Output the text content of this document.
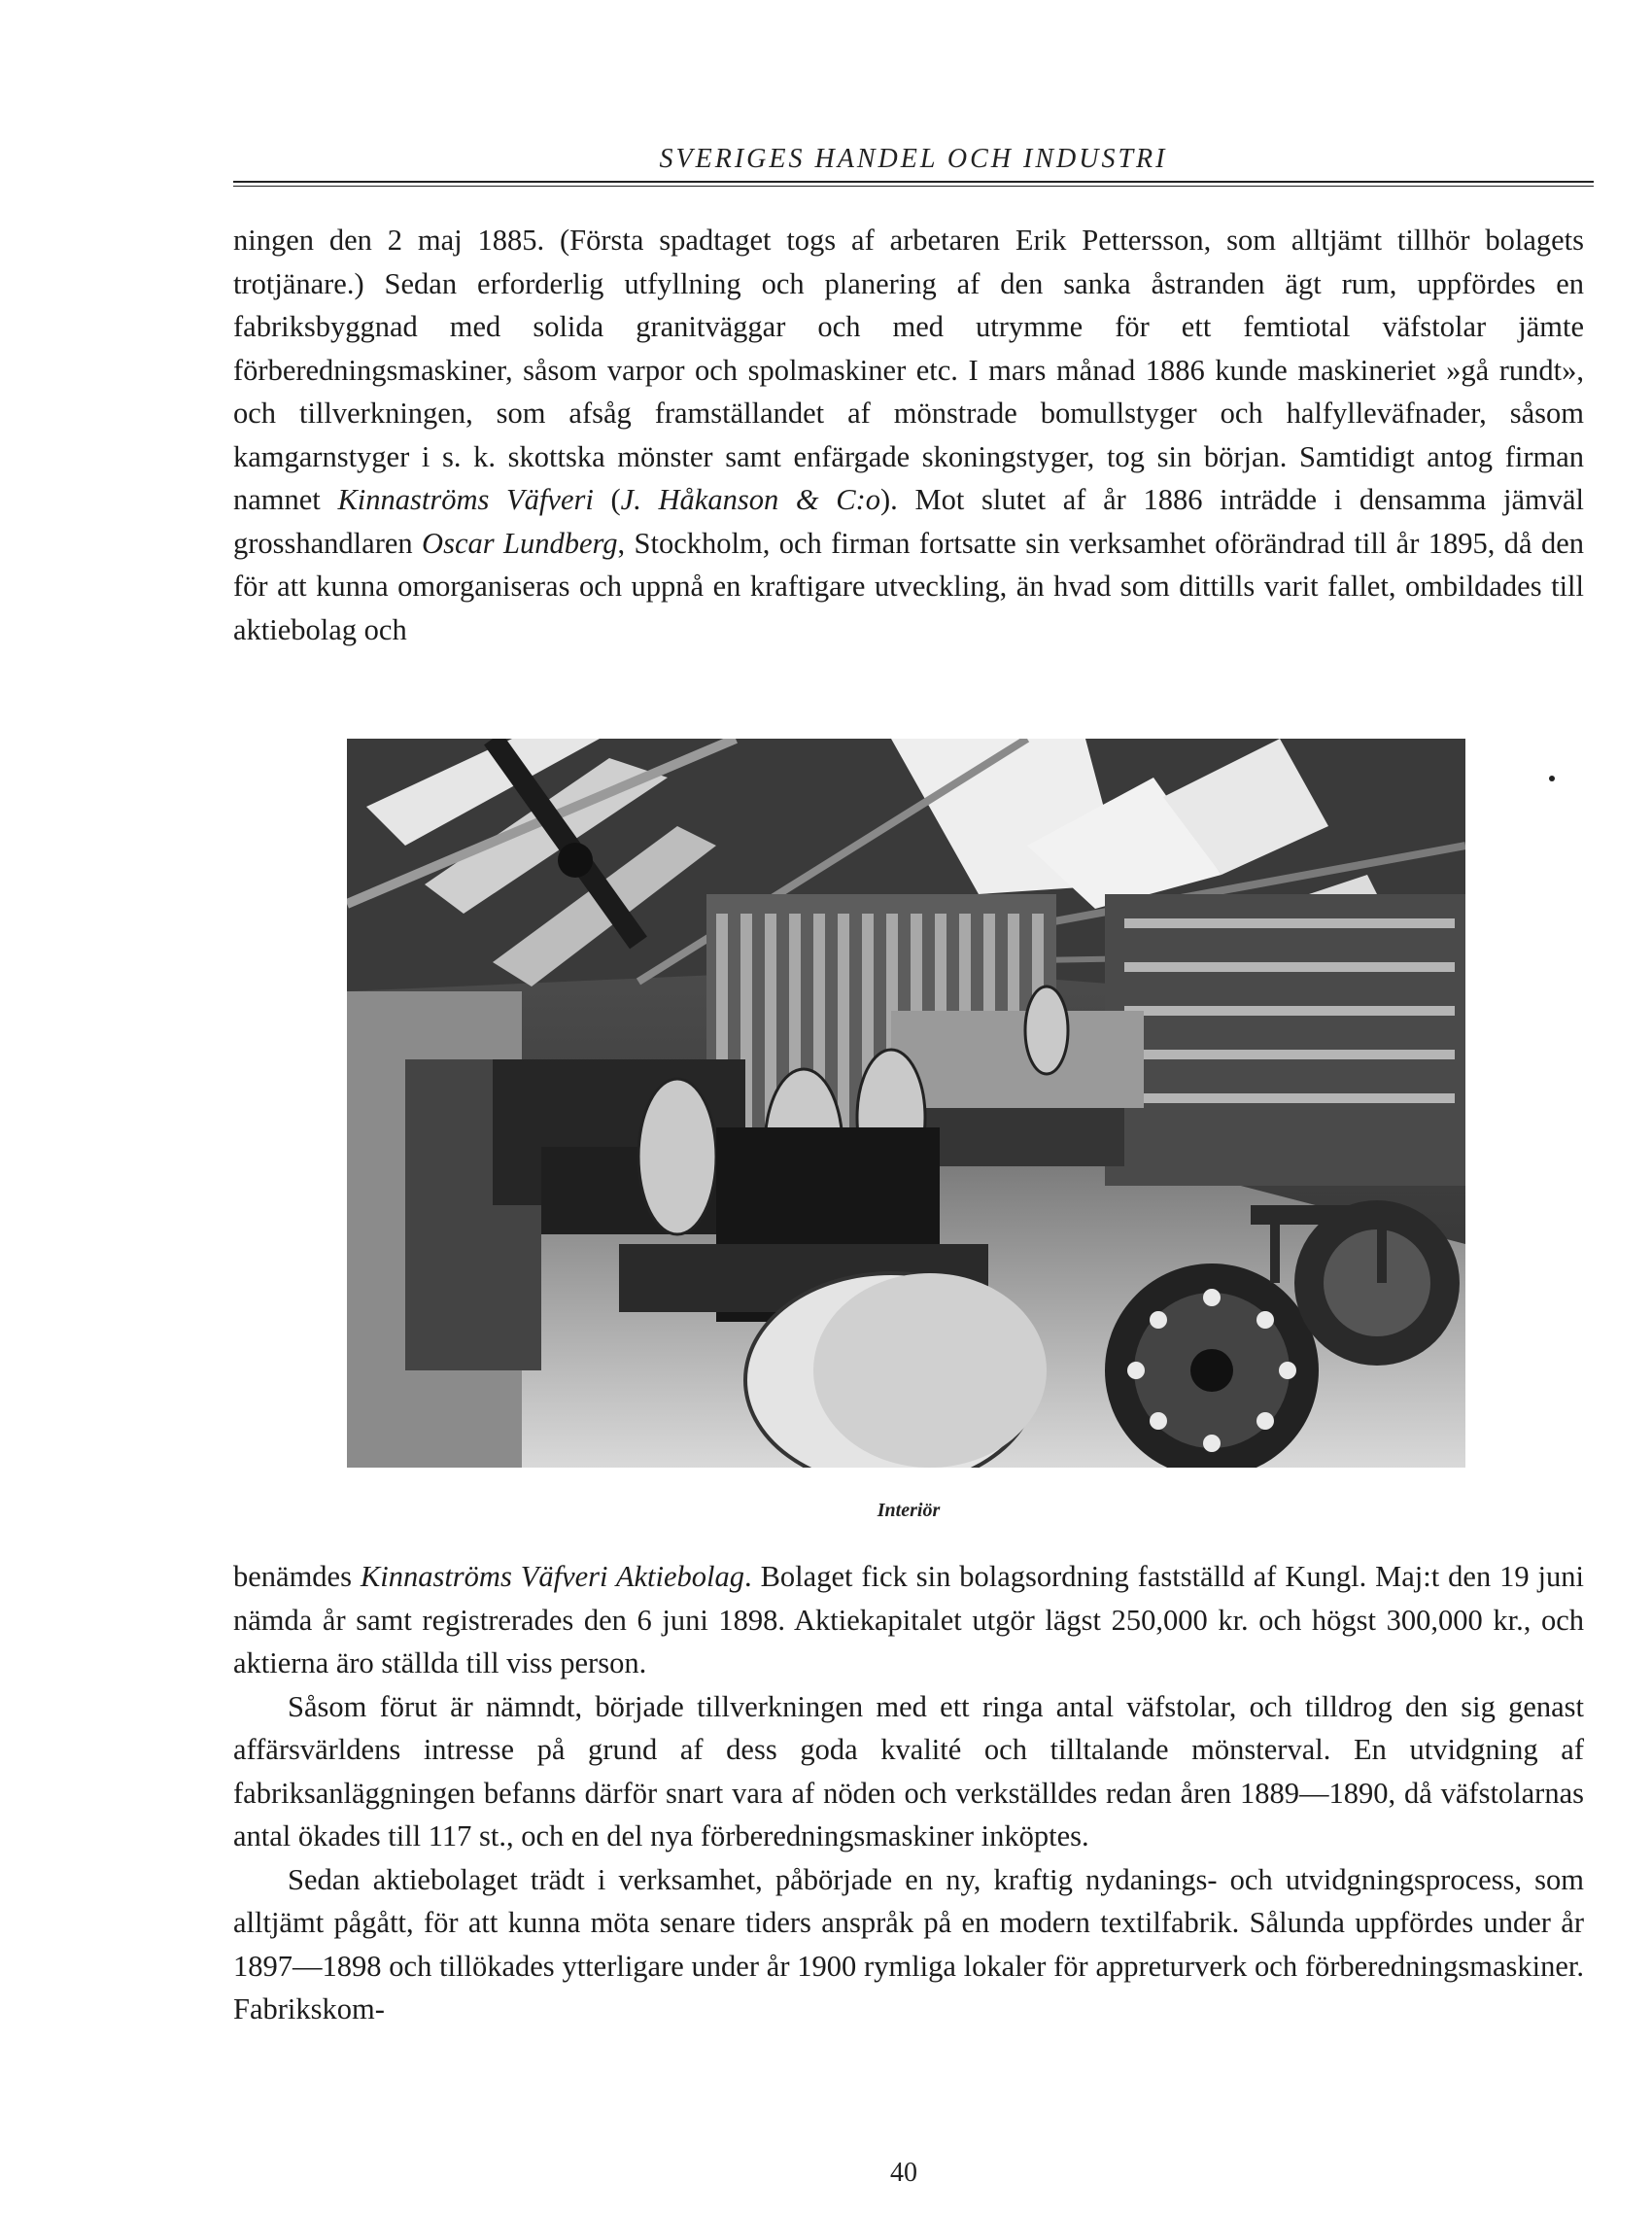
SVERIGES HANDEL OCH INDUSTRI

ningen den 2 maj 1885. (Första spadtaget togs af arbetaren Erik Pettersson, som alltjämt tillhör bolagets trotjänare.) Sedan erforderlig utfyllning och planering af den sanka åstranden ägt rum, uppfördes en fabriksbyggnad med solida granitväggar och med utrymme för ett femtiotal väfstolar jämte förberedningsmaskiner, såsom varpor och spolmaskiner etc. I mars månad 1886 kunde maskineriet »gå rundt», och tillverkningen, som afsåg framställandet af mönstrade bomullstyger och halfylleväfnader, såsom kamgarnstyger i s. k. skottska mönster samt enfärgade skoningstyger, tog sin början. Samtidigt antog firman namnet Kinnaströms Väfveri (J. Håkanson & C:o). Mot slutet af år 1886 inträdde i densamma jämväl grosshandlaren Oscar Lundberg, Stockholm, och firman fortsatte sin verksamhet oförändrad till år 1895, då den för att kunna omorganiseras och uppnå en kraftigare utveckling, än hvad som dittills varit fallet, ombildades till aktiebolag och

Interiör

benämdes Kinnaströms Väfveri Aktiebolag. Bolaget fick sin bolagsordning fastställd af Kungl. Maj:t den 19 juni nämda år samt registrerades den 6 juni 1898. Aktiekapitalet utgör lägst 250,000 kr. och högst 300,000 kr., och aktierna äro ställda till viss person.

Såsom förut är nämndt, började tillverkningen med ett ringa antal väfstolar, och tilldrog den sig genast affärsvärldens intresse på grund af dess goda kvalité och tilltalande mönsterval. En utvidgning af fabriksanläggningen befanns därför snart vara af nöden och verkställdes redan åren 1889—1890, då väfstolarnas antal ökades till 117 st., och en del nya förberedningsmaskiner inköptes.

Sedan aktiebolaget trädt i verksamhet, påbörjade en ny, kraftig nydanings- och utvidgningsprocess, som alltjämt pågått, för att kunna möta senare tiders anspråk på en modern textilfabrik. Sålunda uppfördes under år 1897—1898 och tillökades ytterligare under år 1900 rymliga lokaler för appreturverk och förberedningsmaskiner. Fabrikskom-

40
